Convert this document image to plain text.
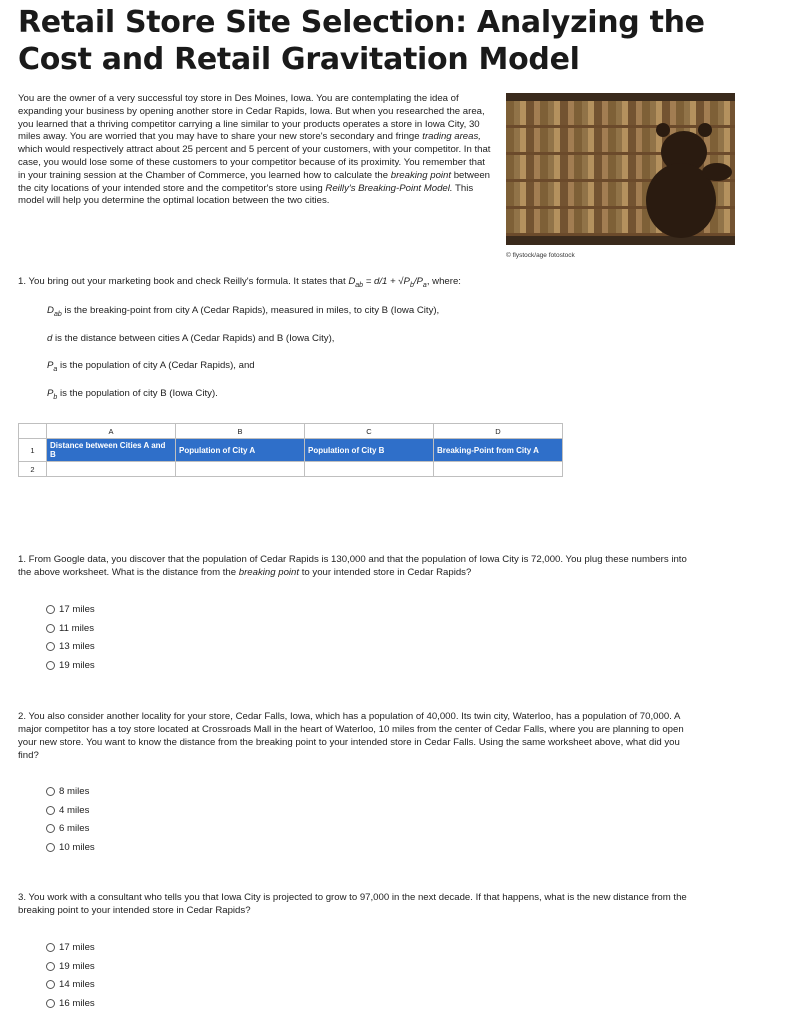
Retail Store Site Selection: Analyzing the Cost and Retail Gravitation Model
You are the owner of a very successful toy store in Des Moines, Iowa. You are contemplating the idea of expanding your business by opening another store in Cedar Rapids, Iowa. But when you researched the area, you learned that a thriving competitor carrying a line similar to your products operates a store in Iowa City, 30 miles away. You are worried that you may have to share your new store's secondary and fringe trading areas, which would respectively attract about 25 percent and 5 percent of your customers, with your competitor. In that case, you would lose some of these customers to your competitor because of its proximity. You remember that in your training session at the Chamber of Commerce, you learned how to calculate the breaking point between the city locations of your intended store and the competitor's store using Reilly's Breaking-Point Model. This model will help you determine the optimal location between the two cities.
© flystock/age fotostock
1. You bring out your marketing book and check Reilly's formula. It states that $D_{ab} = d/1 + √P_b/P_a$, where:
$D_{ab}$ is the breaking-point from city A (Cedar Rapids), measured in miles, to city B (Iowa City),
d is the distance between cities A (Cedar Rapids) and B (Iowa City),
$P_a$ is the population of city A (Cedar Rapids), and
$P_b$ is the population of city B (Iowa City).
	A	B	C	D
1	Distance between Cities A and B	Population of City A	Population of City B	Breaking-Point from City A
2				
1. From Google data, you discover that the population of Cedar Rapids is 130,000 and that the population of Iowa City is 72,000. You plug these numbers into the above worksheet. What is the distance from the breaking point to your intended store in Cedar Rapids?
17 miles
11 miles
13 miles
19 miles
2. You also consider another locality for your store, Cedar Falls, Iowa, which has a population of 40,000. Its twin city, Waterloo, has a population of 70,000. A major competitor has a toy store located at Crossroads Mall in the heart of Waterloo, 10 miles from the center of Cedar Falls, where you are planning to open your new store. You want to know the distance from the breaking point to your intended store in Cedar Falls. Using the same worksheet above, what did you find?
8 miles
4 miles
6 miles
10 miles
3. You work with a consultant who tells you that Iowa City is projected to grow to 97,000 in the next decade. If that happens, what is the new distance from the breaking point to your intended store in Cedar Rapids?
17 miles
19 miles
14 miles
16 miles
